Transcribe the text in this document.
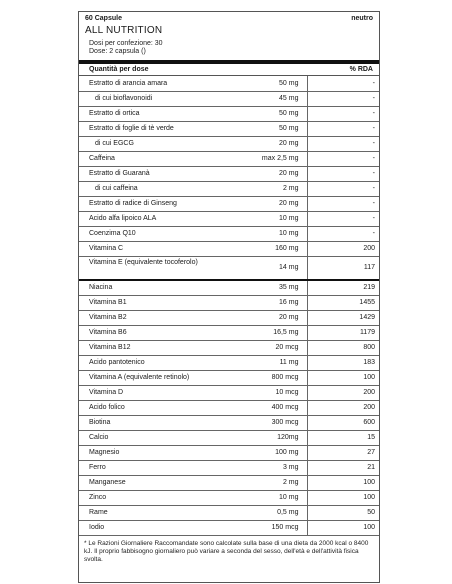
60 Capsule	neutro
ALL NUTRITION
Dosi per confezione: 30
Dose: 2 capsula ()
Quantità per dose	% RDA
Estratto di arancia amara	50 mg	-
di cui bioflavonoidi	45 mg	-
Estratto di ortica	50 mg	-
Estratto di foglie di tè verde	50 mg	-
di cui EGCG	20 mg	-
Caffeina	max 2,5 mg	-
Estratto di Guaranà	20 mg	-
di cui caffeina	2 mg	-
Estratto di radice di Ginseng	20 mg	-
Acido alfa lipoico ALA	10 mg	-
Coenzima Q10	10 mg	-
Vitamina C	160 mg	200
Vitamina E (equivalente tocoferolo)	14 mg	117
Niacina	35 mg	219
Vitamina B1	16 mg	1455
Vitamina B2	20 mg	1429
Vitamina B6	16,5 mg	1179
Vitamina B12	20 mcg	800
Acido pantotenico	11 mg	183
Vitamina A (equivalente retinolo)	800 mcg	100
Vitamina D	10 mcg	200
Acido folico	400 mcg	200
Biotina	300 mcg	600
Calcio	120mg	15
Magnesio	100 mg	27
Ferro	3 mg	21
Manganese	2 mg	100
Zinco	10 mg	100
Rame	0,5 mg	50
Iodio	150 mcg	100
* Le Razioni Giornaliere Raccomandate sono calcolate sulla base di una dieta da 2000 kcal o 8400 kJ. Il proprio fabbisogno giornaliero può variare a seconda del sesso, dell'età e dell'attività fisica svolta.
